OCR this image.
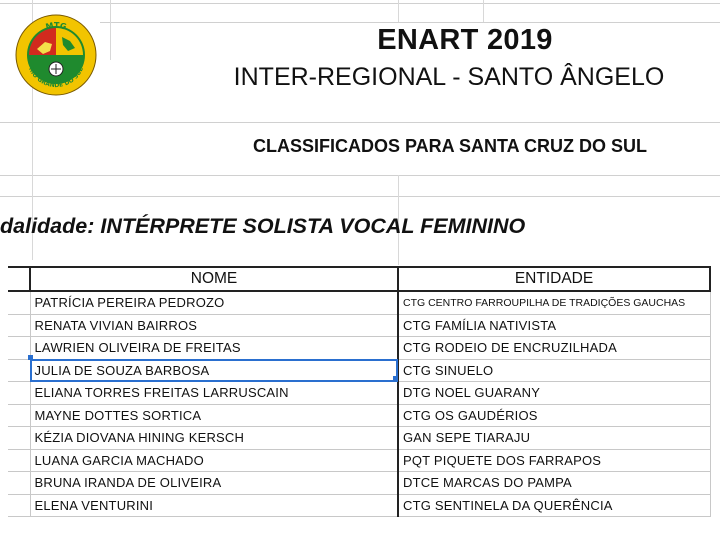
MTG
RIO GRANDE DO SUL
ENART 2019
INTER-REGIONAL - SANTO ÂNGELO
CLASSIFICADOS PARA SANTA CRUZ DO SUL
dalidade: INTÉRPRETE SOLISTA VOCAL FEMININO
	NOME	ENTIDADE
	PATRÍCIA PEREIRA PEDROZO	CTG CENTRO FARROUPILHA DE TRADIÇÕES GAUCHAS
	RENATA VIVIAN BAIRROS	CTG FAMÍLIA NATIVISTA
	LAWRIEN OLIVEIRA DE FREITAS	CTG RODEIO DE ENCRUZILHADA
	JULIA DE SOUZA BARBOSA	CTG SINUELO
	ELIANA TORRES FREITAS LARRUSCAIN	DTG NOEL GUARANY
	MAYNE DOTTES SORTICA	CTG OS GAUDÉRIOS
	KÉZIA DIOVANA HINING KERSCH	GAN SEPE TIARAJU
	LUANA GARCIA MACHADO	PQT PIQUETE DOS FARRAPOS
	BRUNA IRANDA DE OLIVEIRA	DTCE MARCAS DO PAMPA
	ELENA VENTURINI	CTG SENTINELA DA QUERÊNCIA
